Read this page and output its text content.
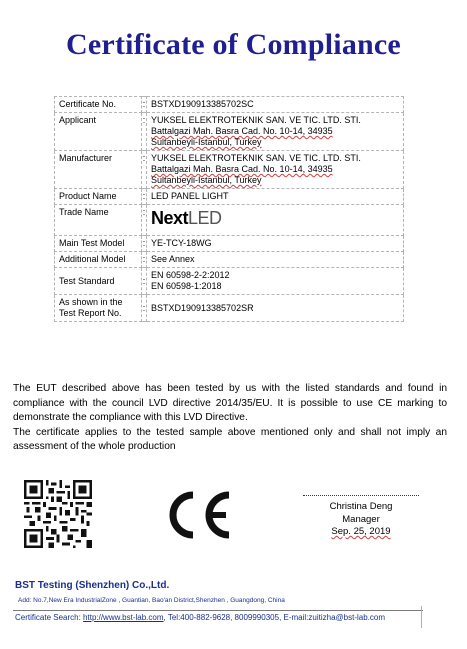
Certificate of Compliance
Certificate No.	:	BSTXD190913385702SC
Applicant	:	YUKSEL ELEKTROTEKNIK SAN. VE TIC. LTD. STI.
Battalgazi Mah. Basra Cad. No. 10-14, 34935
Sultanbeyli-Istanbul, Turkey

Manufacturer	:	YUKSEL ELEKTROTEKNIK SAN. VE TIC. LTD. STI.
Battalgazi Mah. Basra Cad. No. 10-14, 34935
Sultanbeyli-Istanbul, Turkey

Product Name	:	LED PANEL LIGHT
Trade Name	:	NextLED

Main Test Model	:	YE-TCY-18WG
Additional Model	:	See Annex
Test Standard	:	EN 60598-2-2:2012
EN 60598-1:2018

As shown in the
Test Report No.	:	BSTXD190913385702SR

The EUT described above has been tested by us with the listed standards and found in compliance with the council LVD directive 2014/35/EU. It is possible to use CE marking to demonstrate the compliance with this LVD Directive.

The certificate applies to the tested sample above mentioned only and shall not imply an assessment of the whole production

Christina Deng
Manager
Sep. 25, 2019
BST Testing (Shenzhen) Co.,Ltd.
Add: No.7,New Era IndustrialZone , Guantian, Bao'an District,Shenzhen , Guangdong, China
Certificate Search: http://www.bst-lab.com, Tel:400-882-9628, 8009990305, E-mail:zuitizha@bst-lab.com
